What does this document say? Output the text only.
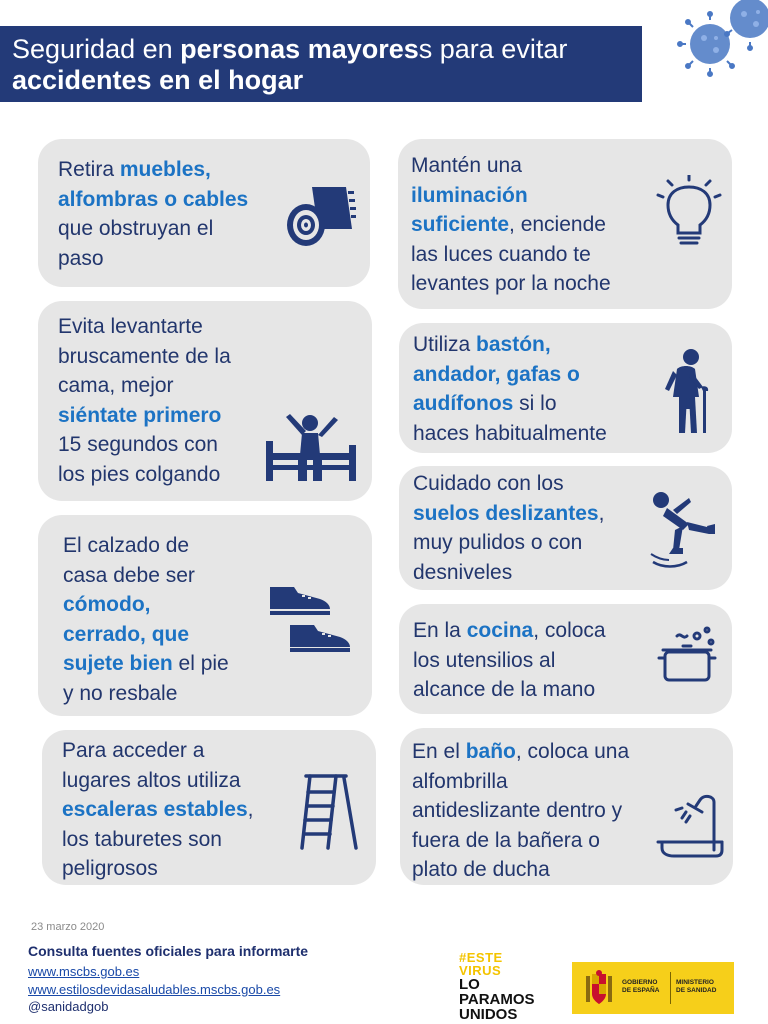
Seguridad en personas mayoress para evitar
accidentes en el hogar
Retira muebles,
alfombras o cables
que obstruyan el
paso
Mantén una
iluminación
suficiente, enciende
las luces cuando te
levantes por la noche
Evita levantarte
bruscamente de la
cama, mejor
siéntate primero
15 segundos con
los pies colgando
Utiliza bastón,
andador, gafas o
audífonos si lo
haces habitualmente
Cuidado con los
suelos deslizantes,
muy pulidos o con
desniveles
El calzado de
casa debe ser
cómodo,
cerrado, que
sujete bien el pie
y no resbale
En la cocina, coloca
los utensilios al
alcance de la mano
Para acceder a
lugares altos utiliza
escaleras estables,
los taburetes son
peligrosos
En el baño, coloca una
alfombrilla
antideslizante dentro y
fuera de la bañera o
plato de ducha
23 marzo 2020
Consulta fuentes oficiales para informarte
www.mscbs.gob.es
www.estilosdevidasaludables.mscbs.gob.es
@sanidadgob
#ESTE
VIRUS
LO
PARAMOS
UNIDOS
GOBIERNO
DE ESPAÑA
MINISTERIO
DE SANIDAD
